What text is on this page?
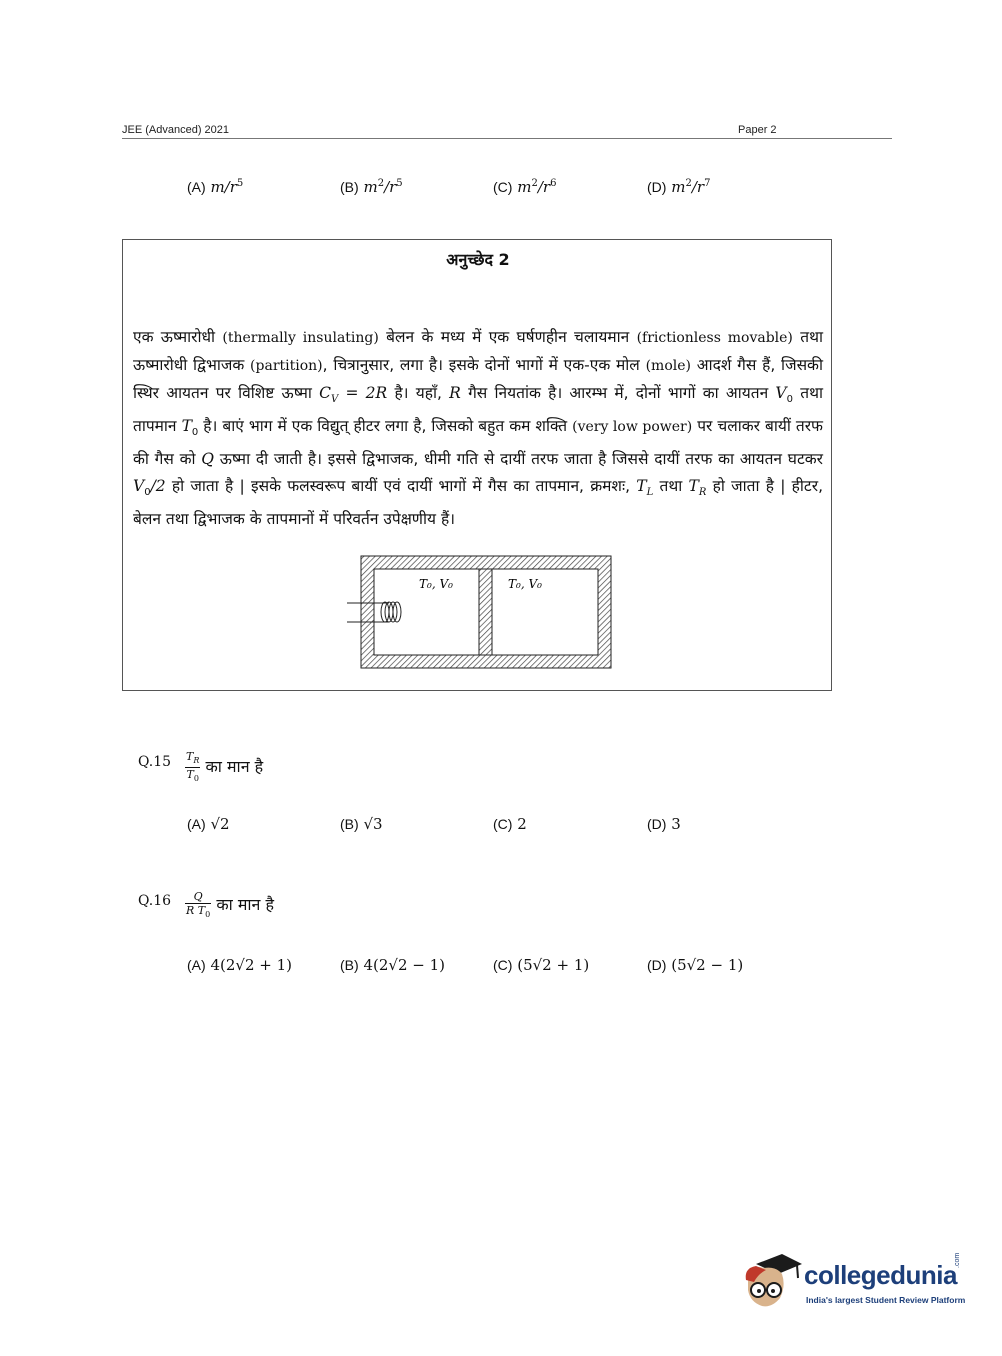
JEE (Advanced) 2021	Paper 2
(A) $m/r^5$	(B) $m^2/r^5$	(C) $m^2/r^6$	(D) $m^2/r^7$
अनुच्छेद 2
एक ऊष्मारोधी (thermally insulating) बेलन के मध्य में एक घर्षणहीन चलायमान (frictionless movable) तथा ऊष्मारोधी द्विभाजक (partition), चित्रानुसार, लगा है। इसके दोनों भागों में एक-एक मोल (mole) आदर्श गैस हैं, जिसकी स्थिर आयतन पर विशिष्ट ऊष्मा $C_V = 2R$ है। यहाँ, R गैस नियतांक है। आरम्भ में, दोनों भागों का आयतन $V_0$ तथा तापमान $T_0$ है। बाएं भाग में एक विद्युत् हीटर लगा है, जिसको बहुत कम शक्ति (very low power) पर चलाकर बायीं तरफ की गैस को Q ऊष्मा दी जाती है। इससे द्विभाजक, धीमी गति से दायीं तरफ जाता है जिससे दायीं तरफ का आयतन घटकर $V_0/2$ हो जाता है | इसके फलस्वरूप बायीं एवं दायीं भागों में गैस का तापमान, क्रमशः, $T_L$ तथा $T_R$ हो जाता है | हीटर, बेलन तथा द्विभाजक के तापमानों में परिवर्तन उपेक्षणीय हैं।
T₀, V₀	T₀, V₀
$Q.15 \frac{T_R}{T_0}$ का मान है
(A) √2	(B) √3	(C) 2	(D) 3
$Q.16 \frac{Q}{R T_0}$ का मान है
(A) 4(2√2 + 1)	(B) 4(2√2 − 1)	(C) (5√2 + 1)	(D) (5√2 − 1)
collegedunia
.com
India's largest Student Review Platform
